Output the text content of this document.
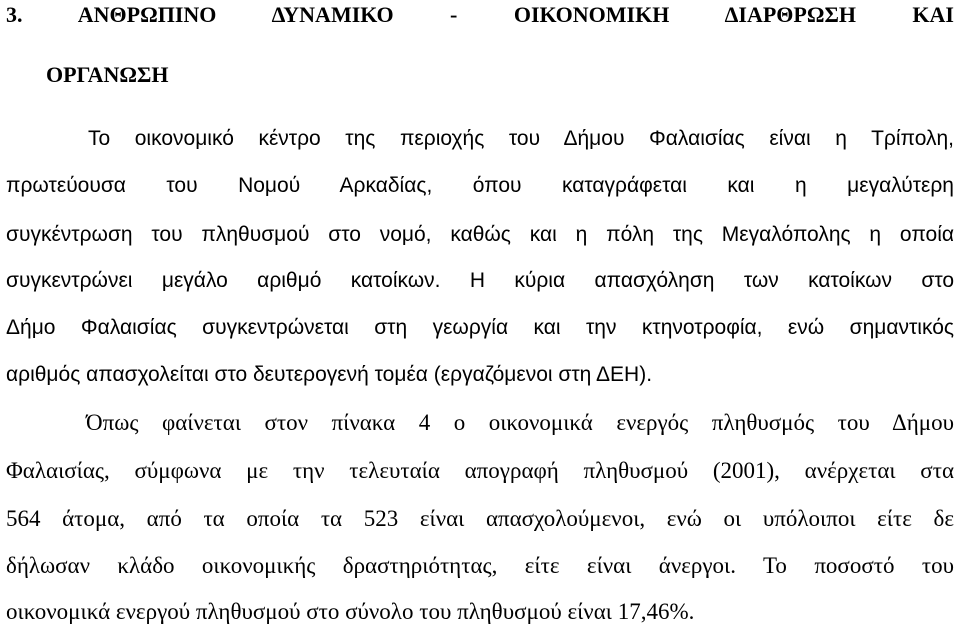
3. ΑΝΘΡΩΠΙΝΟ ΔΥΝΑΜΙΚΟ - ΟΙΚΟΝΟΜΙΚΗ ΔΙΑΡΘΡΩΣΗ ΚΑΙ
ΟΡΓΑΝΩΣΗ
Το οικονομικό κέντρο της περιοχής του Δήμου Φαλαισίας είναι η Τρίπολη,
πρωτεύουσα του Νομού Αρκαδίας, όπου καταγράφεται και η μεγαλύτερη
συγκέντρωση του πληθυσμού στο νομό, καθώς και η πόλη της Μεγαλόπολης η οποία
συγκεντρώνει μεγάλο αριθμό κατοίκων. Η κύρια απασχόληση των κατοίκων στο
Δήμο Φαλαισίας συγκεντρώνεται στη γεωργία και την κτηνοτροφία, ενώ σημαντικός
αριθμός απασχολείται στο δευτερογενή τομέα (εργαζόμενοι στη ΔΕΗ).
Όπως φαίνεται στον πίνακα 4 ο οικονομικά ενεργός πληθυσμός του Δήμου
Φαλαισίας, σύμφωνα με την τελευταία απογραφή πληθυσμού (2001), ανέρχεται στα
564 άτομα, από τα οποία τα 523 είναι απασχολούμενοι, ενώ οι υπόλοιποι είτε δε
δήλωσαν κλάδο οικονομικής δραστηριότητας, είτε είναι άνεργοι. Το ποσοστό του
οικονομικά ενεργού πληθυσμού στο σύνολο του πληθυσμού είναι 17,46%.
